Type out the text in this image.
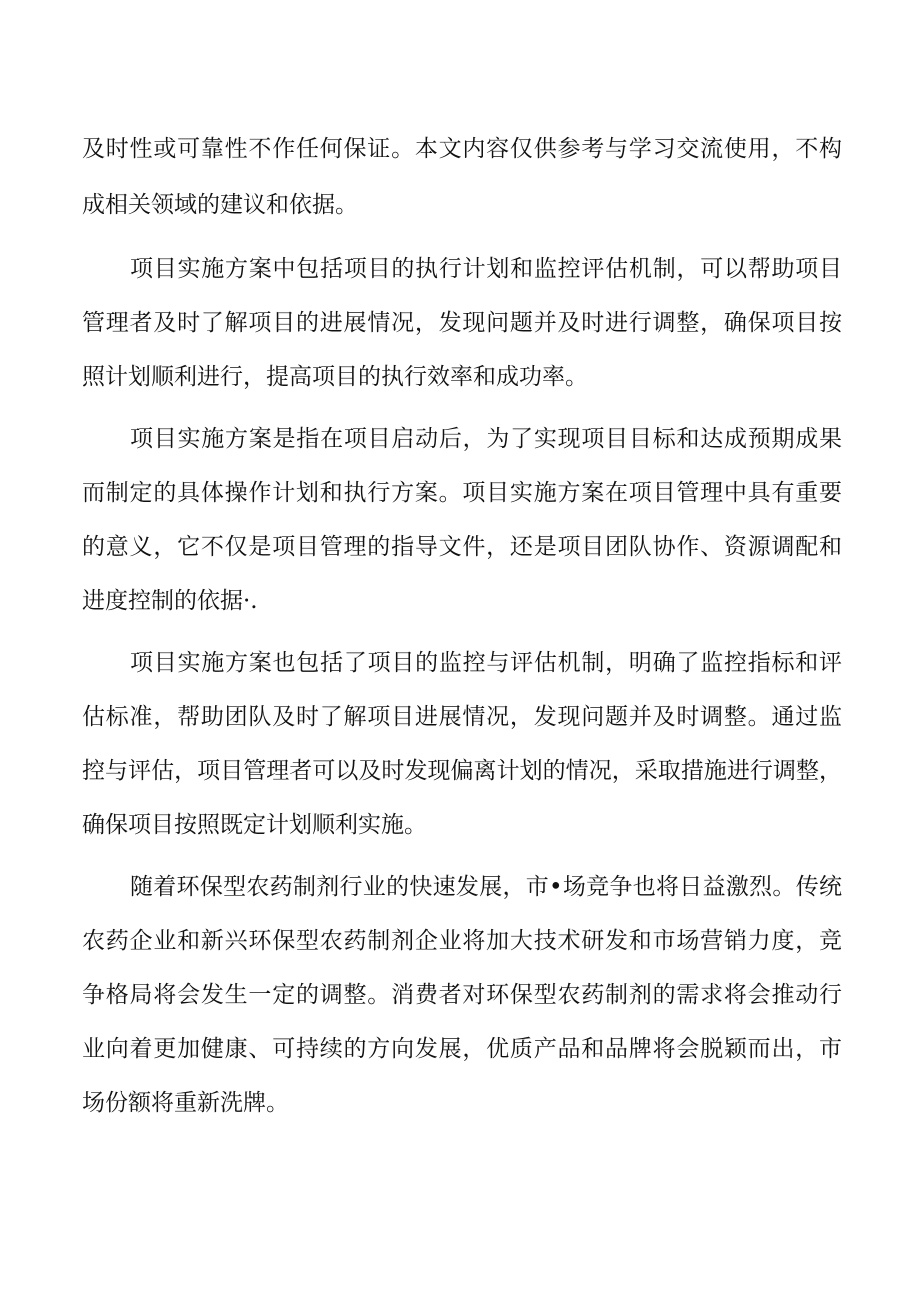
及时性或可靠性不作任何保证。本文内容仅供参考与学习交流使用，不构

成相关领域的建议和依据。

项目实施方案中包括项目的执行计划和监控评估机制，可以帮助项目

管理者及时了解项目的进展情况，发现问题并及时进行调整，确保项目按

照计划顺利进行，提高项目的执行效率和成功率。

项目实施方案是指在项目启动后，为了实现项目目标和达成预期成果

而制定的具体操作计划和执行方案。项目实施方案在项目管理中具有重要

的意义，它不仅是项目管理的指导文件，还是项目团队协作、资源调配和

进度控制的依据·.

项目实施方案也包括了项目的监控与评估机制，明确了监控指标和评

估标准，帮助团队及时了解项目进展情况，发现问题并及时调整。通过监

控与评估，项目管理者可以及时发现偏离计划的情况，采取措施进行调整，

确保项目按照既定计划顺利实施。

随着环保型农药制剂行业的快速发展，市•场竞争也将日益激烈。传统

农药企业和新兴环保型农药制剂企业将加大技术研发和市场营销力度，竞

争格局将会发生一定的调整。消费者对环保型农药制剂的需求将会推动行

业向着更加健康、可持续的方向发展，优质产品和品牌将会脱颖而出，市

场份额将重新洗牌。
